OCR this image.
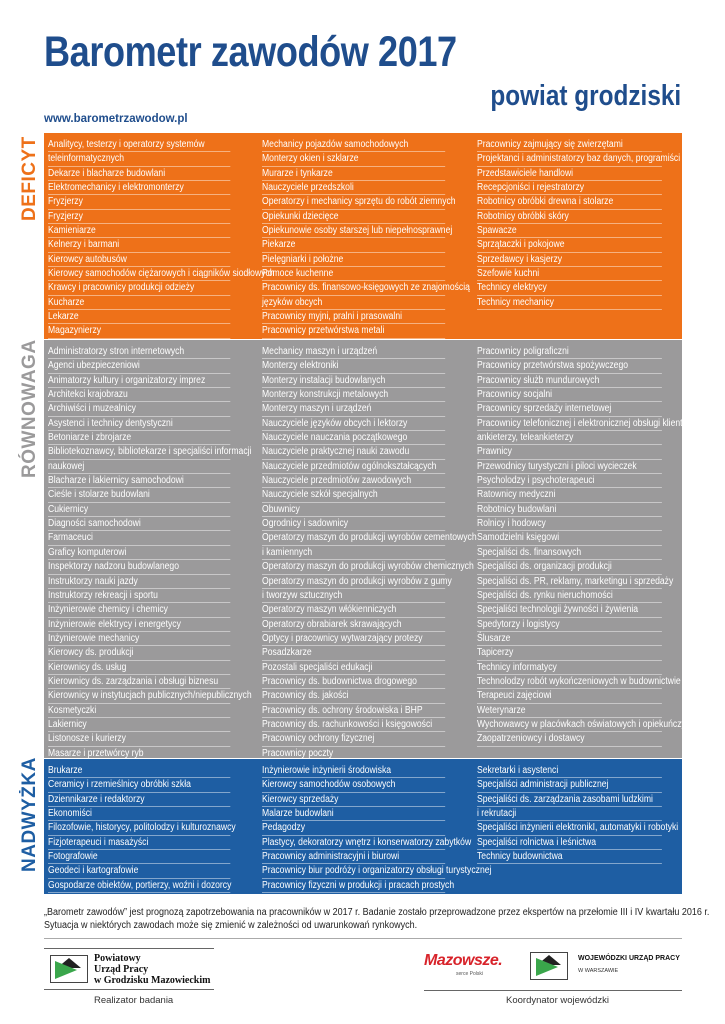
Barometr zawodów 2017
powiat grodziski
www.barometrzawodow.pl
DEFICYT Analitycy, testerzy i operatorzy systemów
teleinformatycznych
Dekarze i blacharze budowlani
Elektromechanicy i elektromonterzy
Fryzjerzy
Fryzjerzy
Kamieniarze
Kelnerzy i barmani
Kierowcy autobusów
Kierowcy samochodów ciężarowych i ciągników siodłowych
Krawcy i pracownicy produkcji odzieży
Kucharze
Lekarze
Magazynierzy
Mechanicy pojazdów samochodowych
Monterzy okien i szklarze
Murarze i tynkarze
Nauczyciele przedszkoli
Operatorzy i mechanicy sprzętu do robót ziemnych
Opiekunki dziecięce
Opiekunowie osoby starszej lub niepełnosprawnej
Piekarze
Pielęgniarki i położne
Pomoce kuchenne
Pracownicy ds. finansowo-księgowych ze znajomością
języków obcych
Pracownicy myjni, pralni i prasowalni
Pracownicy przetwórstwa metali
Pracownicy zajmujący się zwierzętami
Projektanci i administratorzy baz danych, programiści
Przedstawiciele handlowi
Recepcjoniści i rejestratorzy
Robotnicy obróbki drewna i stolarze
Robotnicy obróbki skóry
Spawacze
Sprzątaczki i pokojowe
Sprzedawcy i kasjerzy
Szefowie kuchni
Technicy elektrycy
Technicy mechanicy
RÓWNOWAGA Administratorzy stron internetowych
Agenci ubezpieczeniowi
Animatorzy kultury i organizatorzy imprez
Architekci krajobrazu
Archiwiści i muzealnicy
Asystenci i technicy dentystyczni
Betoniarze i zbrojarze
Bibliotekoznawcy, bibliotekarze i specjaliści informacji
naukowej
Blacharze i lakiernicy samochodowi
Cieśle i stolarze budowlani
Cukiernicy
Diagności samochodowi
Farmaceuci
Graficy komputerowi
Inspektorzy nadzoru budowlanego
Instruktorzy nauki jazdy
Instruktorzy rekreacji i sportu
Inżynierowie chemicy i chemicy
Inżynierowie elektrycy i energetycy
Inżynierowie mechanicy
Kierowcy ds. produkcji
Kierownicy ds. usług
Kierownicy ds. zarządzania i obsługi biznesu
Kierownicy w instytucjach publicznych/niepublicznych
Kosmetyczki
Lakiernicy
Listonosze i kurierzy
Masarze i przetwórcy ryb
Mechanicy maszyn i urządzeń
Monterzy elektroniki
Monterzy instalacji budowlanych
Monterzy konstrukcji metalowych
Monterzy maszyn i urządzeń
Nauczyciele języków obcych i lektorzy
Nauczyciele nauczania początkowego
Nauczyciele praktycznej nauki zawodu
Nauczyciele przedmiotów ogólnokształcących
Nauczyciele przedmiotów zawodowych
Nauczyciele szkół specjalnych
Obuwnicy
Ogrodnicy i sadownicy
Operatorzy maszyn do produkcji wyrobów cementowych
i kamiennych
Operatorzy maszyn do produkcji wyrobów chemicznych
Operatorzy maszyn do produkcji wyrobów z gumy
i tworzyw sztucznych
Operatorzy maszyn włókienniczych
Operatorzy obrabiarek skrawających
Optycy i pracownicy wytwarzający protezy
Posadzkarze
Pozostali specjaliści edukacji
Pracownicy ds. budownictwa drogowego
Pracownicy ds. jakości
Pracownicy ds. ochrony środowiska i BHP
Pracownicy ds. rachunkowości i księgowości
Pracownicy ochrony fizycznej
Pracownicy poczty
Pracownicy poligraficzni
Pracownicy przetwórstwa spożywczego
Pracownicy służb mundurowych
Pracownicy socjalni
Pracownicy sprzedaży internetowej
Pracownicy telefonicznej i elektronicznej obsługi klienta,
ankieterzy, teleankieterzy
Prawnicy
Przewodnicy turystyczni i piloci wycieczek
Psycholodzy i psychoterapeuci
Ratownicy medyczni
Robotnicy budowlani
Rolnicy i hodowcy
Samodzielni księgowi
Specjaliści ds. finansowych
Specjaliści ds. organizacji produkcji
Specjaliści ds. PR, reklamy, marketingu i sprzedaży
Specjaliści ds. rynku nieruchomości
Specjaliści technologii żywności i żywienia
Spedytorzy i logistycy
Ślusarze
Tapicerzy
Technicy informatycy
Technolodzy robót wykończeniowych w budownictwie
Terapeuci zajęciowi
Weterynarze
Wychowawcy w placówkach oświatowych i opiekuńczych
Zaopatrzeniowcy i dostawcy
NADWYŻKA Brukarze
Ceramicy i rzemieślnicy obróbki szkła
Dziennikarze i redaktorzy
Ekonomiści
Filozofowie, historycy, politolodzy i kulturoznawcy
Fizjoterapeuci i masażyści
Fotografowie
Geodeci i kartografowie
Gospodarze obiektów, portierzy, woźni i dozorcy
Inżynierowie inżynierii środowiska
Kierowcy samochodów osobowych
Kierowcy sprzedaży
Malarze budowlani
Pedagodzy
Plastycy, dekoratorzy wnętrz i konserwatorzy zabytków
Pracownicy administracyjni i biurowi
Pracownicy biur podróży i organizatorzy obsługi turystycznej
Pracownicy fizyczni w produkcji i pracach prostych
Sekretarki i asystenci
Specjaliści administracji publicznej
Specjaliści ds. zarządzania zasobami ludzkimi
i rekrutacji
Specjaliści inżynierii elektronikI, automatyki i robotyki
Specjaliści rolnictwa i leśnictwa
Technicy budownictwa
„Barometr zawodów” jest prognozą zapotrzebowania na pracowników w 2017 r. Badanie zostało przeprowadzone przez ekspertów na przełomie III i IV kwartału 2016 r.
Sytuacja w niektórych zawodach może się zmienić w zależności od uwarunkowań rynkowych.
Powiatowy
Urząd Pracy
w Grodzisku Mazowieckim
Realizator badania
Mazowsze.
serce Polski
WOJEWÓDZKI URZĄD PRACY
W WARSZAWIE
Koordynator wojewódzki
